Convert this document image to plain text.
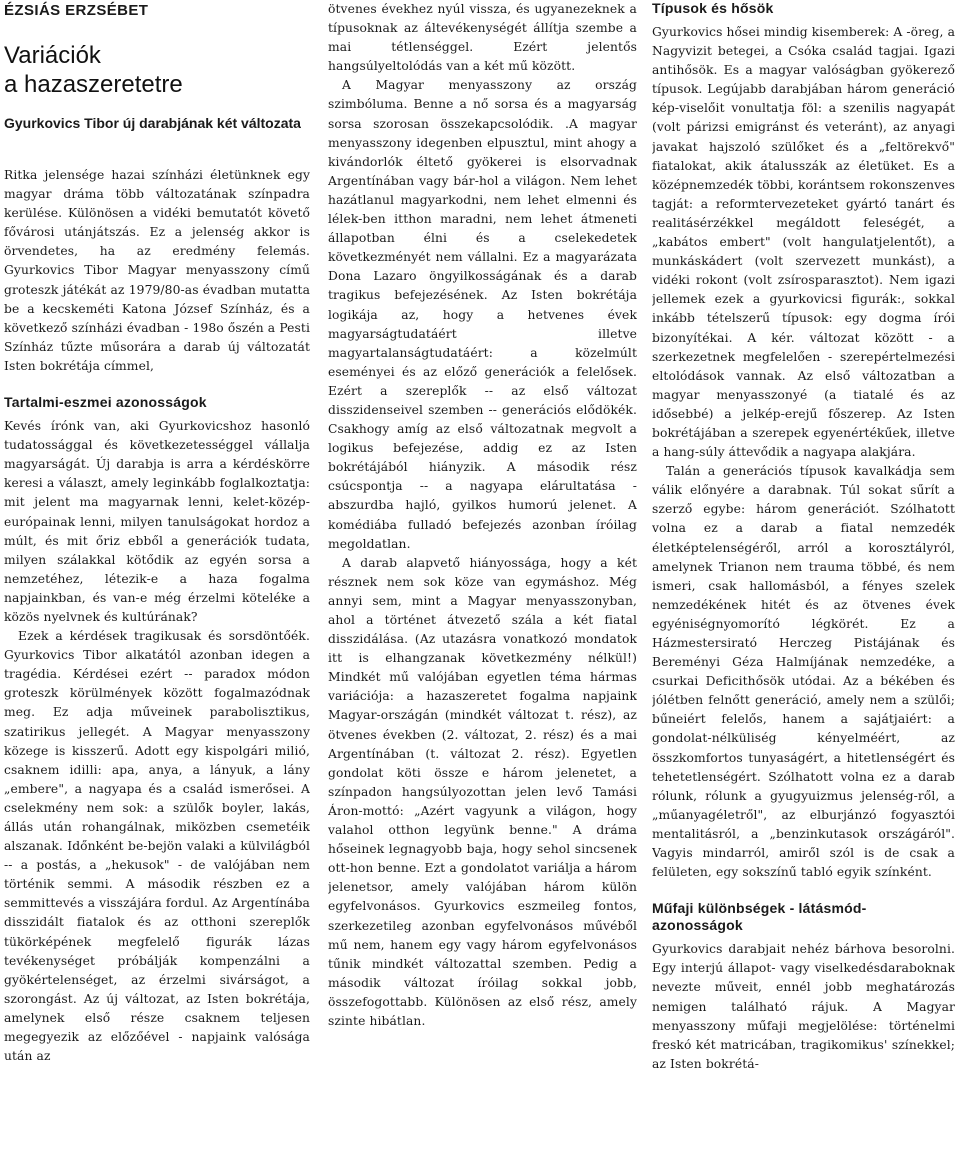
ÉZSIÁS ERZSÉBET
Variációk
a hazaszeretetre
Gyurkovics Tibor új darabjának két változata

Ritka jelensége hazai színházi életünknek egy magyar dráma több változatának színpadra kerülése. Különösen a vidéki bemutatót követő fővárosi utánjátszás. Ez a jelenség akkor is örvendetes, ha az eredmény felemás. Gyurkovics Tibor Magyar menyasszony című groteszk játékát az 1979/80-as évadban mutatta be a kecskeméti Katona József Színház, és a következő színházi évadban - 198o őszén a Pesti Színház tűzte műsorára a darab új változatát Isten bokrétája címmel,

Tartalmi-eszmei azonosságok

Kevés írónk van, aki Gyurkovicshoz hasonló tudatossággal és következetességgel vállalja magyarságát. Új darabja is arra a kérdéskörre keresi a választ, amely leginkább foglalkoztatja: mit jelent ma magyarnak lenni, kelet-közép-európainak lenni, milyen tanulságokat hordoz a múlt, és mit őriz ebből a generációk tudata, milyen szálakkal kötődik az egyén sorsa a nemzetéhez, létezik-e a haza fogalma napjainkban, és van-e még érzelmi köteléke a közös nyelvnek és kultúrának?

Ezek a kérdések tragikusak és sorsdöntőék. Gyurkovics Tibor alkatától azonban idegen a tragédia. Kérdései ezért -- paradox módon groteszk körülmények között fogalmazódnak meg. Ez adja műveinek parabolisztikus, szatirikus jellegét. A Magyar menyasszony közege is kisszerű. Adott egy kispolgári milió, csaknem idilli: apa, anya, a lányuk, a lány „embere", a nagyapa és a család ismerősei. A cselekmény nem sok: a szülők boyler, lakás, állás után rohangálnak, miközben csemetéik alszanak. Időnként be-bejön valaki a külvilágból -- a postás, a „hekusok" - de valójában nem történik semmi. A második részben ez a semmittevés a visszájára fordul. Az Argentínába disszidált fiatalok és az otthoni szereplők tükörképének megfelelő figurák lázas tevékenységet próbálják kompenzálni a gyökértelenséget, az érzelmi sivárságot, a szorongást. Az új változat, az Isten bokrétája, amelynek első része csaknem teljesen megegyezik az előzőével - napjaink valósága után az

ötvenes évekhez nyúl vissza, és ugyanezeknek a típusoknak az áltevékenységét állítja szembe a mai tétlenséggel. Ezért jelentős hangsúlyeltolódás van a két mű között.

A Magyar menyasszony az ország szimbóluma. Benne a nő sorsa és a magyarság sorsa szorosan összekapcsolódik. .A magyar menyasszony idegenben elpusztul, mint ahogy a kivándorlók éltető gyökerei is elsorvadnak Argentínában vagy bár-hol a világon. Nem lehet hazátlanul magyarkodni, nem lehet elmenni és lélek-ben itthon maradni, nem lehet átmeneti állapotban élni és a cselekedetek következményét nem vállalni. Ez a magyarázata Dona Lazaro öngyilkosságának és a darab tragikus befejezésének. Az Isten bokrétája logikája az, hogy a hetvenes évek magyarságtudatáért illetve magyartalanságtudatáért: a közelmúlt eseményei és az előző generációk a felelősek. Ezért a szereplők -- az első változat disszidenseivel szemben -- generációs elődökék. Csakhogy amíg az első változatnak megvolt a logikus befejezése, addig ez az Isten bokrétájából hiányzik. A második rész csúcspontja -- a nagyapa elárultatása - abszurdba hajló, gyilkos humorú jelenet. A komédiába fulladó befejezés azonban íróilag megoldatlan.

A darab alapvető hiányossága, hogy a két résznek nem sok köze van egymáshoz. Még annyi sem, mint a Magyar menyasszonyban, ahol a történet átvezető szála a két fiatal disszidálása. (Az utazásra vonatkozó mondatok itt is elhangzanak következmény nélkül!) Mindkét mű valójában egyetlen téma hármas variációja: a hazaszeretet fogalma napjaink Magyar-országán (mindkét változat t. rész), az ötvenes években (2. változat, 2. rész) és a mai Argentínában (t. változat 2. rész). Egyetlen gondolat köti össze e három jelenetet, a színpadon hangsúlyozottan jelen levő Tamási Áron-mottó: „Azért vagyunk a világon, hogy valahol otthon legyünk benne." A dráma hőseinek legnagyobb baja, hogy sehol sincsenek ott-hon benne. Ezt a gondolatot variálja a három jelenetsor, amely valójában három külön egyfelvonásos. Gyurkovics eszmeileg fontos, szerkezetileg azonban egyfelvonásos művéből mű nem, hanem egy vagy három egyfelvonásos tűnik mindkét változattal szemben. Pedig a második változat íróilag sokkal jobb, összefogottabb. Különösen az első rész, amely szinte hibátlan.

Típusok és hősök

Gyurkovics hősei mindig kisemberek: A -öreg, a Nagyvizit betegei, a Csóka család tagjai. Igazi antihősök. Es a magyar valóságban gyökerező típusok. Legújabb darabjában három generáció kép-viselőit vonultatja föl: a szenilis nagyapát (volt párizsi emigránst és veteránt), az anyagi javakat hajszoló szülőket és a „feltörekvő" fiatalokat, akik átalusszák az életüket. Es a középnemzedék többi, korántsem rokonszenves tagját: a reformtervezeteket gyártó tanárt és realitásérzékkel megáldott feleségét, a „kabátos embert" (volt hangulatjelentőt), a munkáskádert (volt szervezett munkást), a vidéki rokont (volt zsírosparasztot). Nem igazi jellemek ezek a gyurkovicsi figurák:, sokkal inkább tételszerű típusok: egy dogma írói bizonyítékai. A kér. változat között - a szerkezetnek megfelelően - szerepértelmezési eltolódások vannak. Az első változatban a magyar menyasszonyé (a tiatalé és az idősebbé) a jelkép-erejű főszerep. Az Isten bokrétájában a szerepek egyenértékűek, illetve a hang-súly áttevődik a nagyapa alakjára.

Talán a generációs típusok kavalkádja sem válik előnyére a darabnak. Túl sokat sűrít a szerző egybe: három generációt. Szólhatott volna ez a darab a fiatal nemzedék életképtelenségéről, arról a korosztályról, amelynek Trianon nem traumа többé, és nem ismeri, csak hallomásból, a fényes szelek nemzedékének hitét és az ötvenes évek egyéniségnyomorító légkörét. Ez a Házmestersirató Herczeg Pistájának és Bereményi Géza Halmíjának nemzedéke, a csurkai Deficithősök utódai. Az a békében és jólétben felnőtt generáció, amely nem a szülői; bűneiért felelős, hanem a sajátjaiért: a gondolat-nélküliség kényelméért, az összkomfortos tunyaságért, a hitetlenségért és tehetetlenségért. Szólhatott volna ez a darab rólunk, rólunk a gyugyuizmus jelenség-ről, a „műanyagéletről", az elburjánzó fogyasztói mentalitásról, a „benzinkutasok országáról". Vagyis mindarról, amiről szól is de csak a felületen, egy sokszínű tabló egyik színként.

Műfaji különbségek - látásmód-azonosságok

Gyurkovics darabjait nehéz bárhova besorolni. Egy interjú állapot- vagy viselkedésdaraboknak nevezte műveit, ennél jobb meghatározás nemigen található rájuk. A Magyar menyasszony műfaji megjelölése: történelmi freskó két matricában, tragikomikus' színekkel; az Isten bokrétá-
